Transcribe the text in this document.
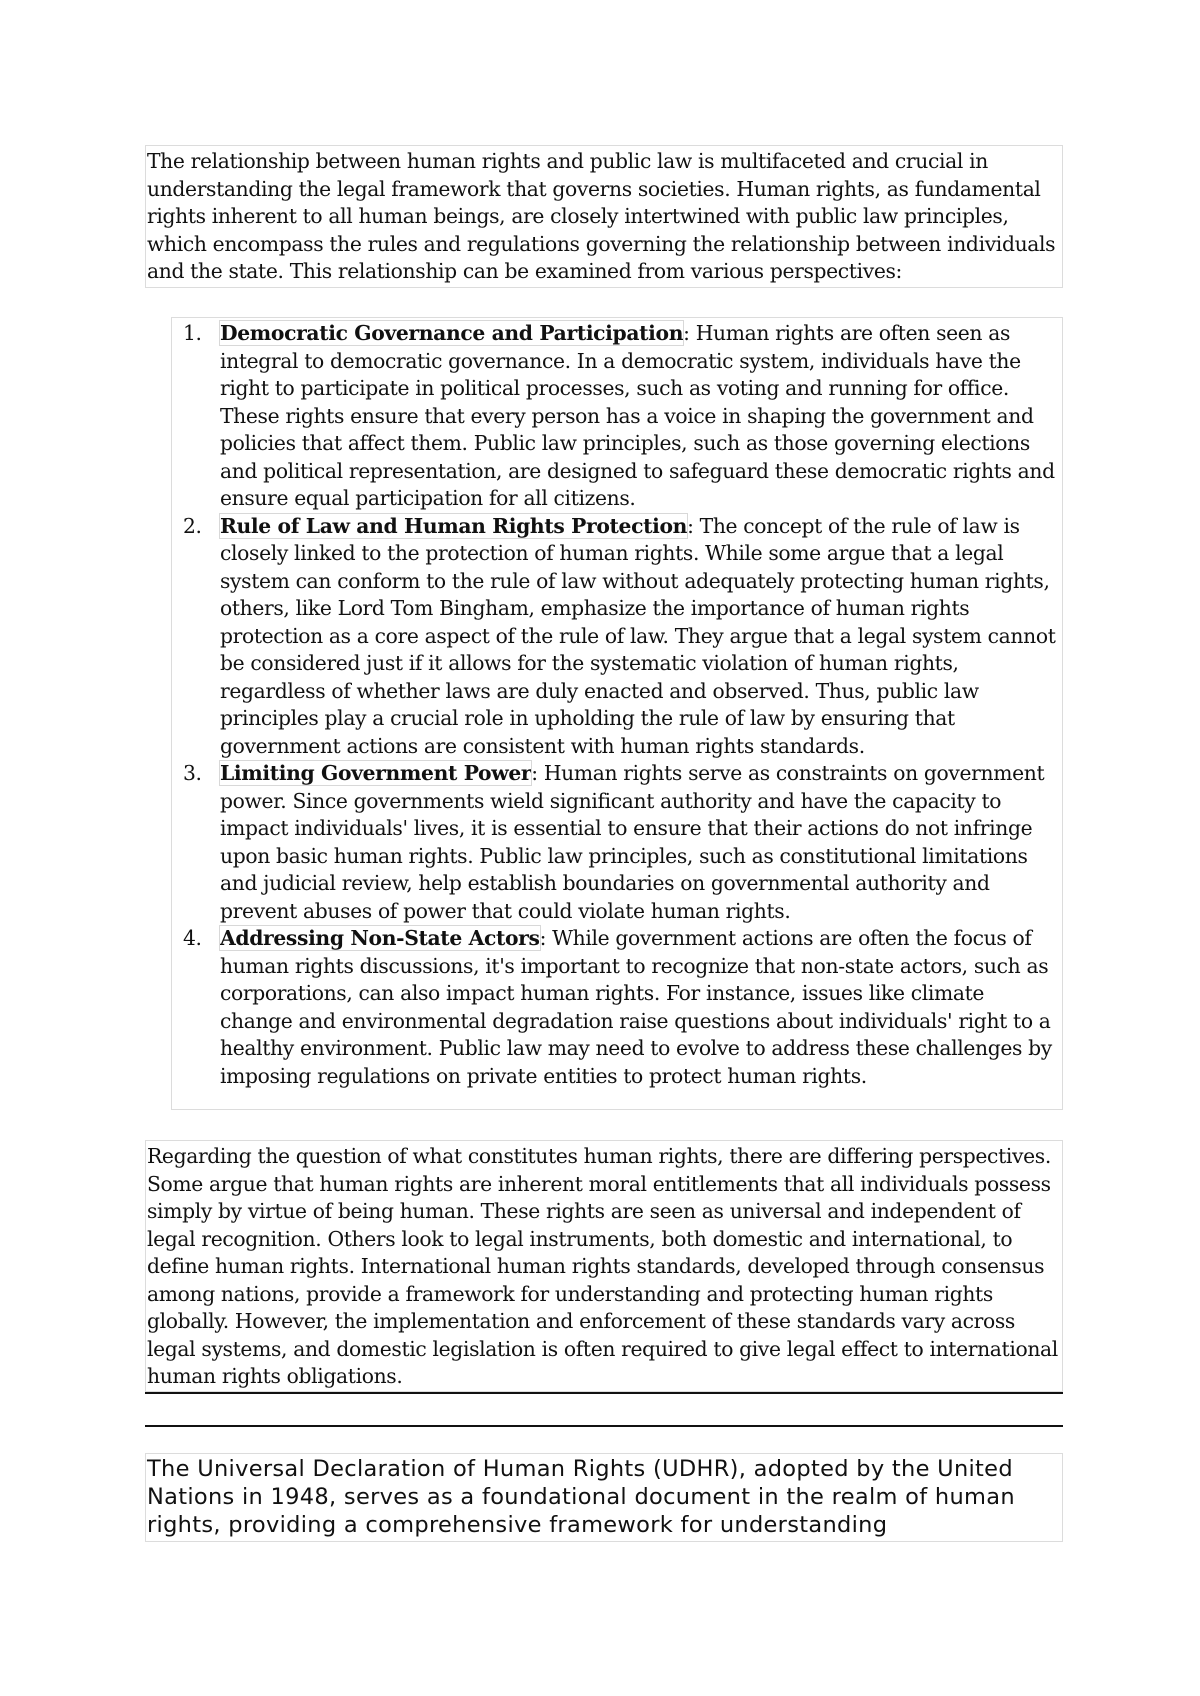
The relationship between human rights and public law is multifaceted and crucial in understanding the legal framework that governs societies. Human rights, as fundamental rights inherent to all human beings, are closely intertwined with public law principles, which encompass the rules and regulations governing the relationship between individuals and the state. This relationship can be examined from various perspectives:
1. Democratic Governance and Participation: Human rights are often seen as integral to democratic governance. In a democratic system, individuals have the right to participate in political processes, such as voting and running for office. These rights ensure that every person has a voice in shaping the government and policies that affect them. Public law principles, such as those governing elections and political representation, are designed to safeguard these democratic rights and ensure equal participation for all citizens.
2. Rule of Law and Human Rights Protection: The concept of the rule of law is closely linked to the protection of human rights. While some argue that a legal system can conform to the rule of law without adequately protecting human rights, others, like Lord Tom Bingham, emphasize the importance of human rights protection as a core aspect of the rule of law. They argue that a legal system cannot be considered just if it allows for the systematic violation of human rights, regardless of whether laws are duly enacted and observed. Thus, public law principles play a crucial role in upholding the rule of law by ensuring that government actions are consistent with human rights standards.
3. Limiting Government Power: Human rights serve as constraints on government power. Since governments wield significant authority and have the capacity to impact individuals' lives, it is essential to ensure that their actions do not infringe upon basic human rights. Public law principles, such as constitutional limitations and judicial review, help establish boundaries on governmental authority and prevent abuses of power that could violate human rights.
4. Addressing Non-State Actors: While government actions are often the focus of human rights discussions, it's important to recognize that non-state actors, such as corporations, can also impact human rights. For instance, issues like climate change and environmental degradation raise questions about individuals' right to a healthy environment. Public law may need to evolve to address these challenges by imposing regulations on private entities to protect human rights.
Regarding the question of what constitutes human rights, there are differing perspectives. Some argue that human rights are inherent moral entitlements that all individuals possess simply by virtue of being human. These rights are seen as universal and independent of legal recognition. Others look to legal instruments, both domestic and international, to define human rights. International human rights standards, developed through consensus among nations, provide a framework for understanding and protecting human rights globally. However, the implementation and enforcement of these standards vary across legal systems, and domestic legislation is often required to give legal effect to international human rights obligations.
The Universal Declaration of Human Rights (UDHR), adopted by the United Nations in 1948, serves as a foundational document in the realm of human rights, providing a comprehensive framework for understanding
